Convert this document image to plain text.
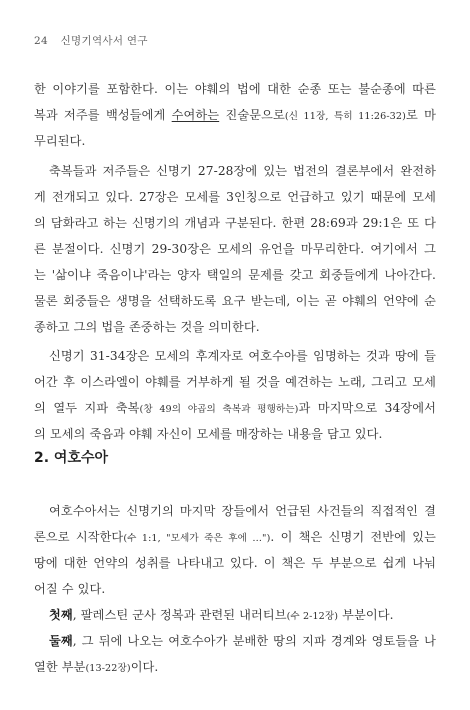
24 신명기역사서 연구
한 이야기를 포함한다. 이는 야훼의 법에 대한 순종 또는 불순종에 따른
복과 저주를 백성들에게 수여하는 진술문으로(신 11장, 특히 11:26-32)로 마
무리된다.
축복들과 저주들은 신명기 27-28장에 있는 법전의 결론부에서 완전하
게 전개되고 있다. 27장은 모세를 3인칭으로 언급하고 있기 때문에 모세
의 담화라고 하는 신명기의 개념과 구분된다. 한편 28:69과 29:1은 또 다
른 분절이다. 신명기 29-30장은 모세의 유언을 마무리한다. 여기에서 그
는 '삶이냐 죽음이냐'라는 양자 택일의 문제를 갖고 회중들에게 나아간다.
물론 회중들은 생명을 선택하도록 요구 받는데, 이는 곧 야훼의 언약에 순
종하고 그의 법을 존중하는 것을 의미한다.
신명기 31-34장은 모세의 후계자로 여호수아를 임명하는 것과 땅에 들
어간 후 이스라엘이 야훼를 거부하게 될 것을 예견하는 노래, 그리고 모세
의 열두 지파 축복(창 49의 야곱의 축복과 평행하는)과 마지막으로 34장에서
의 모세의 죽음과 야훼 자신이 모세를 매장하는 내용을 담고 있다.
2. 여호수아
여호수아서는 신명기의 마지막 장들에서 언급된 사건들의 직접적인 결
론으로 시작한다(수 1:1, "모세가 죽은 후에 …"). 이 책은 신명기 전반에 있는
땅에 대한 언약의 성취를 나타내고 있다. 이 책은 두 부분으로 쉽게 나눠
어질 수 있다.
첫째, 팔레스틴 군사 정복과 관련된 내러티브(수 2-12장) 부분이다.
둘째, 그 뒤에 나오는 여호수아가 분배한 땅의 지파 경계와 영토들을 나
열한 부분(13-22장)이다.
